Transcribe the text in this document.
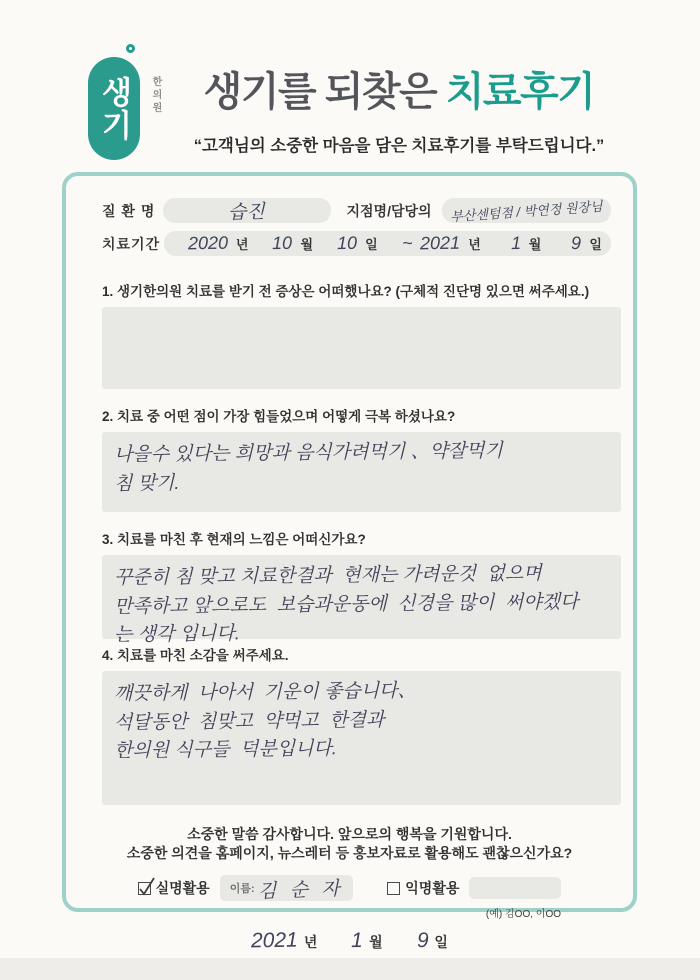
생기	한의원	생기를 되찾은 치료후기
“고객님의 소중한 마음을 담은 치료후기를 부탁드립니다.”
질 환 명	습진	지점명/담당의 부산센텀점 / 박연정 원장님
치료기간 2020 년 10 월 10 일 ~ 2021 년 1 월 9 일
1. 생기한의원 치료를 받기 전 증상은 어떠했나요? (구체적 진단명 있으면 써주세요.)
2. 치료 중 어떤 점이 가장 힘들었으며 어떻게 극복 하셨나요?
나을수 있다는 희망과 음식가려먹기 、약잘먹기
침 맞기.
3. 치료를 마친 후 현재의 느낌은 어떠신가요?
꾸준히 침 맞고 치료한결과  현재는 가려운것  없으며
만족하고 앞으로도  보습과운동에  신경을 많이  써야겠다
는 생각 입니다.
4. 치료를 마친 소감을 써주세요.
깨끗하게  나아서  기운이 좋습니다、
석달동안  침맞고  약먹고  한결과
한의원 식구들  덕분입니다.
소중한 말씀 감사합니다. 앞으로의 행복을 기원합니다.
소중한 의견을 홈페이지, 뉴스레터 등 홍보자료로 활용해도 괜찮으신가요?
실명활용 이름: 김 순 자	익명활용
(예) 김OO, 이OO
2021 년 1 월 9 일
